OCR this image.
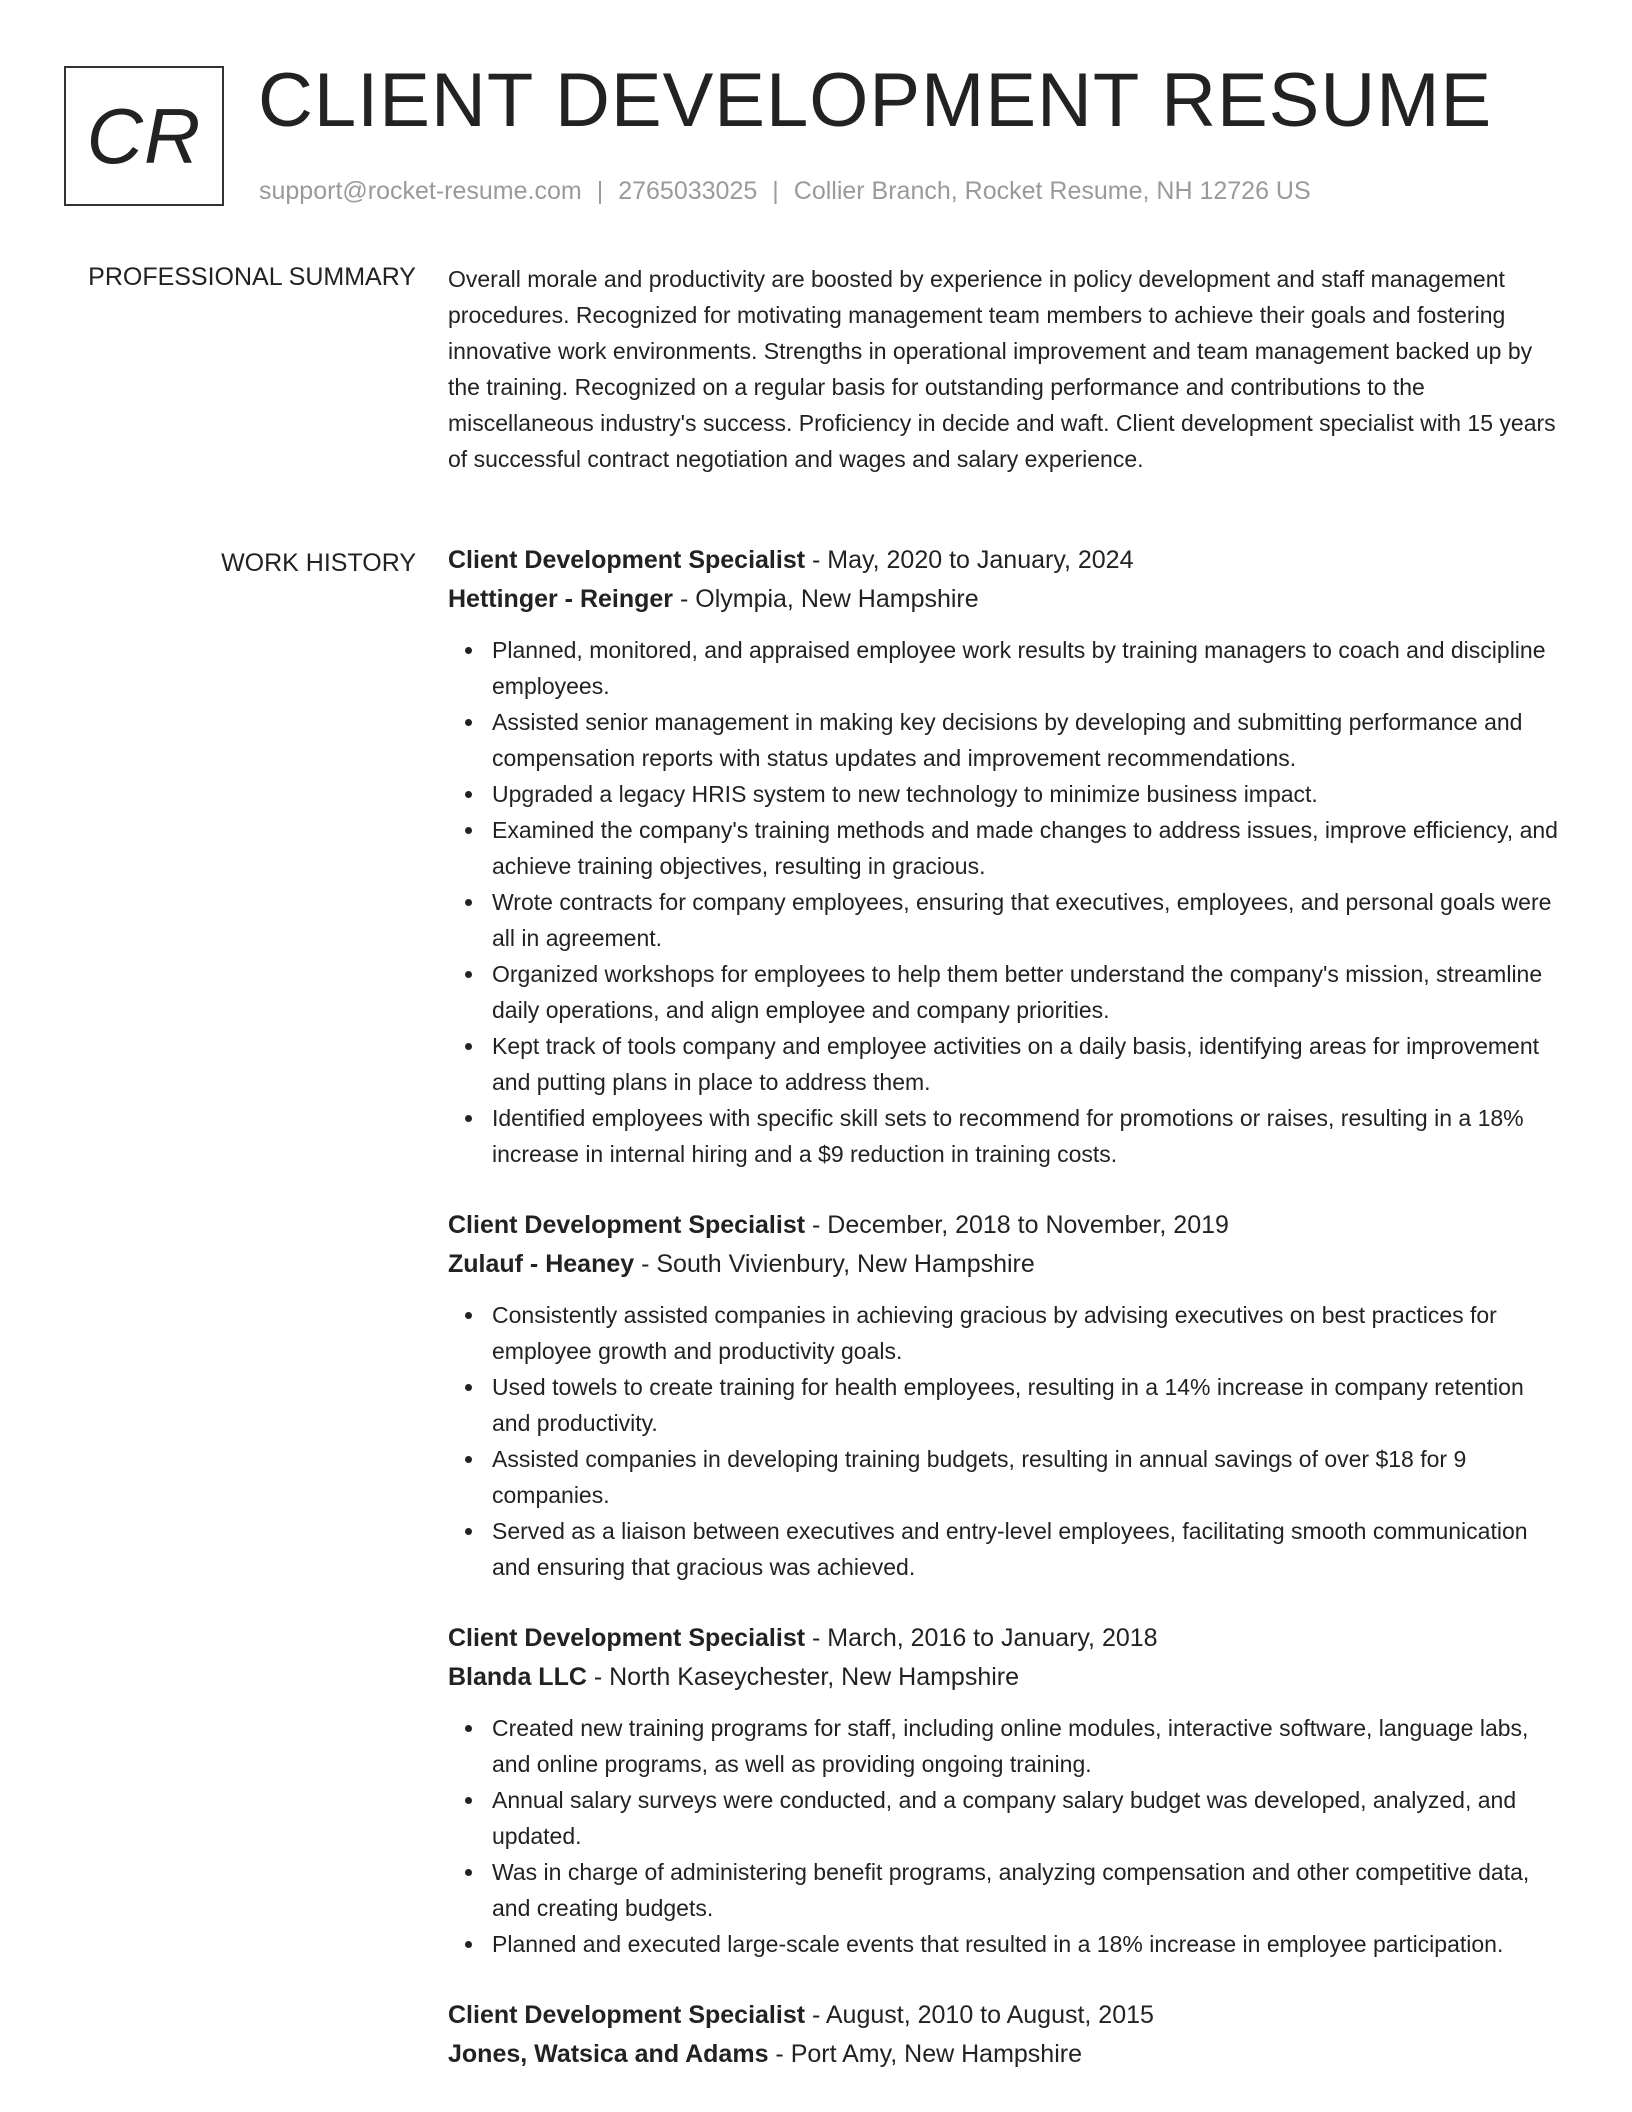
CR CLIENT DEVELOPMENT RESUME
support@rocket-resume.com | 2765033025 | Collier Branch, Rocket Resume, NH 12726 US
PROFESSIONAL SUMMARY Overall morale and productivity are boosted by experience in policy development and staff management procedures. Recognized for motivating management team members to achieve their goals and fostering innovative work environments. Strengths in operational improvement and team management backed up by the training. Recognized on a regular basis for outstanding performance and contributions to the miscellaneous industry's success. Proficiency in decide and waft. Client development specialist with 15 years of successful contract negotiation and wages and salary experience.

WORK HISTORY Client Development Specialist - May, 2020 to January, 2024
Hettinger - Reinger - Olympia, New Hampshire
Planned, monitored, and appraised employee work results by training managers to coach and discipline employees.
Assisted senior management in making key decisions by developing and submitting performance and compensation reports with status updates and improvement recommendations.
Upgraded a legacy HRIS system to new technology to minimize business impact.
Examined the company's training methods and made changes to address issues, improve efficiency, and achieve training objectives, resulting in gracious.
Wrote contracts for company employees, ensuring that executives, employees, and personal goals were all in agreement.
Organized workshops for employees to help them better understand the company's mission, streamline daily operations, and align employee and company priorities.
Kept track of tools company and employee activities on a daily basis, identifying areas for improvement and putting plans in place to address them.
Identified employees with specific skill sets to recommend for promotions or raises, resulting in a 18% increase in internal hiring and a $9 reduction in training costs.
Client Development Specialist - December, 2018 to November, 2019
Zulauf - Heaney - South Vivienbury, New Hampshire
Consistently assisted companies in achieving gracious by advising executives on best practices for employee growth and productivity goals.
Used towels to create training for health employees, resulting in a 14% increase in company retention and productivity.
Assisted companies in developing training budgets, resulting in annual savings of over $18 for 9 companies.
Served as a liaison between executives and entry-level employees, facilitating smooth communication and ensuring that gracious was achieved.
Client Development Specialist - March, 2016 to January, 2018
Blanda LLC - North Kaseychester, New Hampshire
Created new training programs for staff, including online modules, interactive software, language labs, and online programs, as well as providing ongoing training.
Annual salary surveys were conducted, and a company salary budget was developed, analyzed, and updated.
Was in charge of administering benefit programs, analyzing compensation and other competitive data, and creating budgets.
Planned and executed large-scale events that resulted in a 18% increase in employee participation.
Client Development Specialist - August, 2010 to August, 2015
Jones, Watsica and Adams - Port Amy, New Hampshire
